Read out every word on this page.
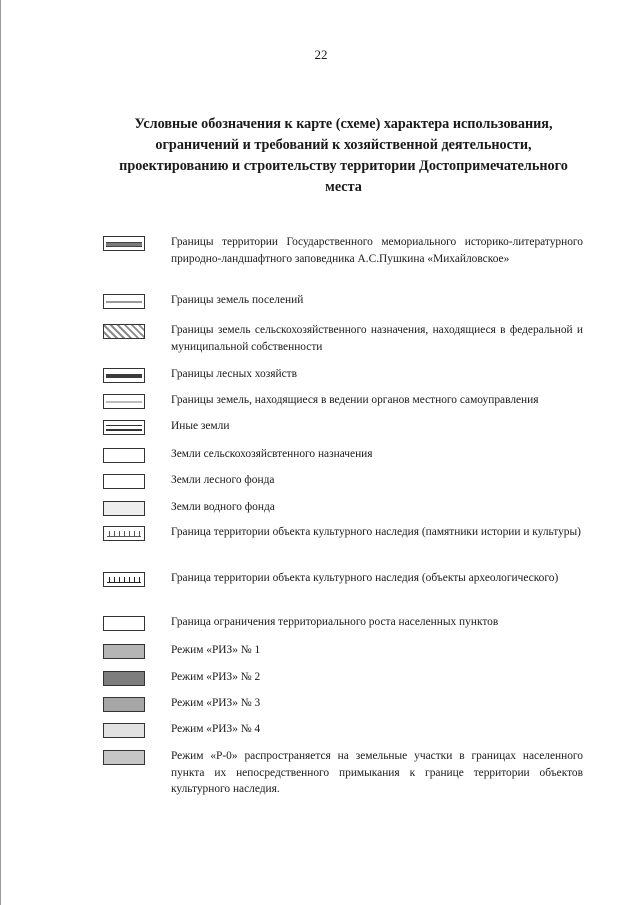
22
Условные обозначения к карте (схеме) характера использования, ограничений и требований к хозяйственной деятельности, проектированию и строительству территории Достопримечательного места
Границы территории Государственного мемориального историко-литературного природно-ландшафтного заповедника А.С.Пушкина «Михайловское»
Границы земель поселений
Границы земель сельскохозяйственного назначения, находящиеся в федеральной и муниципальной собственности
Границы лесных хозяйств
Границы земель, находящиеся в ведении органов местного самоуправления
Иные земли
Земли сельскохозяйсвтенного назначения
Земли лесного фонда
Земли водного фонда
Граница территории объекта культурного наследия (памятники истории и культуры)
Граница территории объекта культурного наследия (объекты археологического)
Граница ограничения территориального роста населенных пунктов
Режим «РИЗ» № 1
Режим «РИЗ» № 2
Режим «РИЗ» № 3
Режим «РИЗ» № 4
Режим «Р-0» распространяется на земельные участки в границах населенного пункта их непосредственного примыкания к границе территории объектов культурного наследия.
